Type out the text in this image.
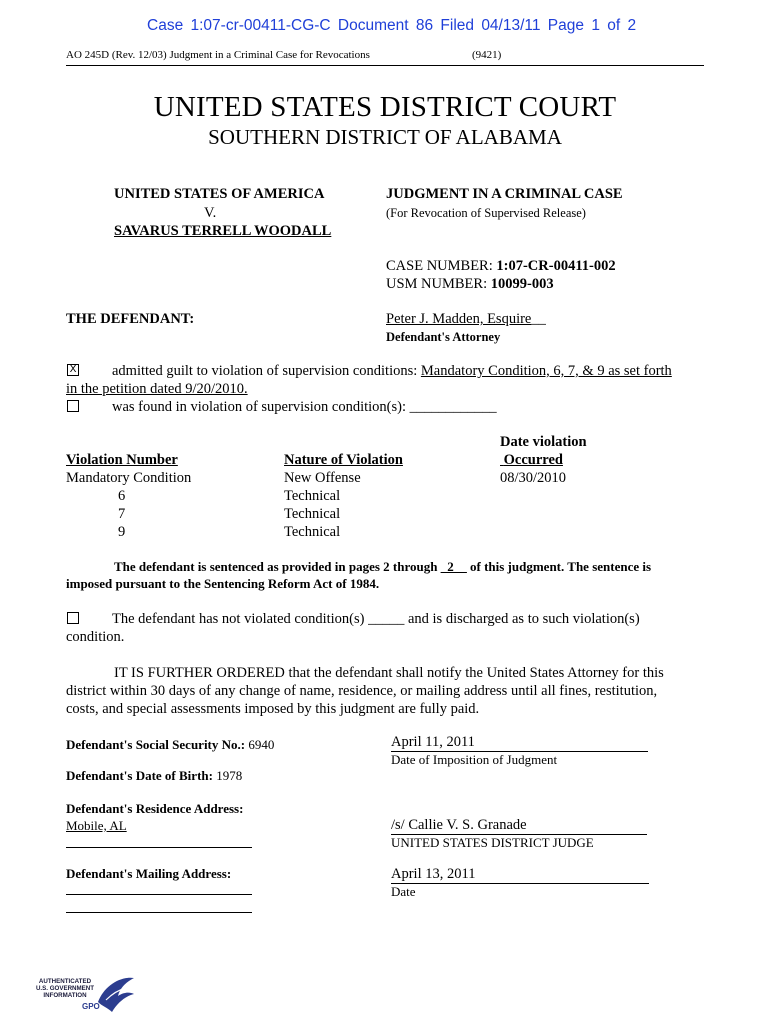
Case 1:07-cr-00411-CG-C Document 86 Filed 04/13/11 Page 1 of 2
AO 245D (Rev. 12/03) Judgment in a Criminal Case for Revocations	(9421)
UNITED STATES DISTRICT COURT
SOUTHERN DISTRICT OF ALABAMA
UNITED STATES OF AMERICA
V.
SAVARUS TERRELL WOODALL
JUDGMENT IN A CRIMINAL CASE
(For Revocation of Supervised Release)
CASE NUMBER: 1:07-CR-00411-002
USM NUMBER: 10099-003
THE DEFENDANT:	Peter J. Madden, Esquire__
Defendant's Attorney
X admitted guilt to violation of supervision conditions: Mandatory Condition, 6, 7, & 9 as set forth
in the petition dated 9/20/2010.
was found in violation of supervision condition(s): ____________
Date violation
Violation Number	Nature of Violation	Occurred
Mandatory Condition	New Offense	08/30/2010
6	Technical
7	Technical
9	Technical
The defendant is sentenced as provided in pages 2 through _2__ of this judgment. The sentence is
imposed pursuant to the Sentencing Reform Act of 1984.
The defendant has not violated condition(s) _____ and is discharged as to such violation(s)
condition.
IT IS FURTHER ORDERED that the defendant shall notify the United States Attorney for this
district within 30 days of any change of name, residence, or mailing address until all fines, restitution,
costs, and special assessments imposed by this judgment are fully paid.
Defendant's Social Security No.: 6940
Defendant's Date of Birth: 1978
Defendant's Residence Address:
Mobile, AL
Defendant's Mailing Address:
April 11, 2011
Date of Imposition of Judgment
/s/ Callie V. S. Granade
UNITED STATES DISTRICT JUDGE
April 13, 2011
Date
AUTHENTICATED
U.S. GOVERNMENT
INFORMATION
GPO
